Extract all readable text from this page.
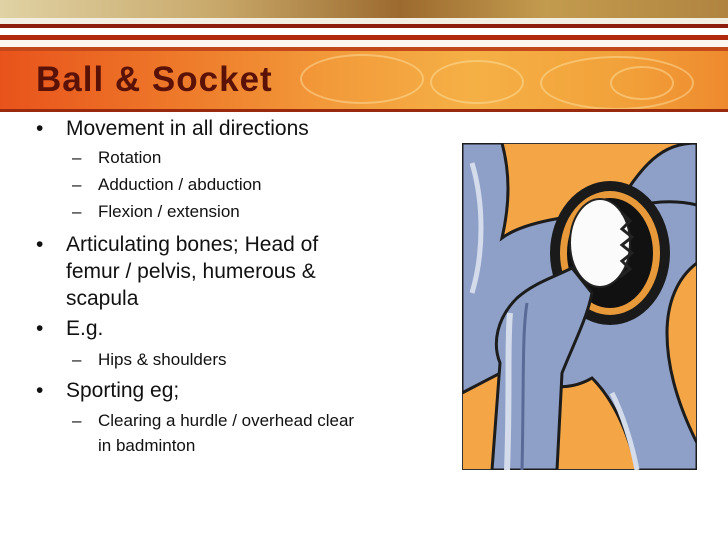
Ball & Socket
•	Movement in all directions
– Rotation
– Adduction / abduction
– Flexion / extension
•	Articulating bones; Head of femur / pelvis, humerous & scapula
•	E.g.
– Hips & shoulders
•	Sporting eg;
– Clearing a hurdle / overhead clear in badminton
